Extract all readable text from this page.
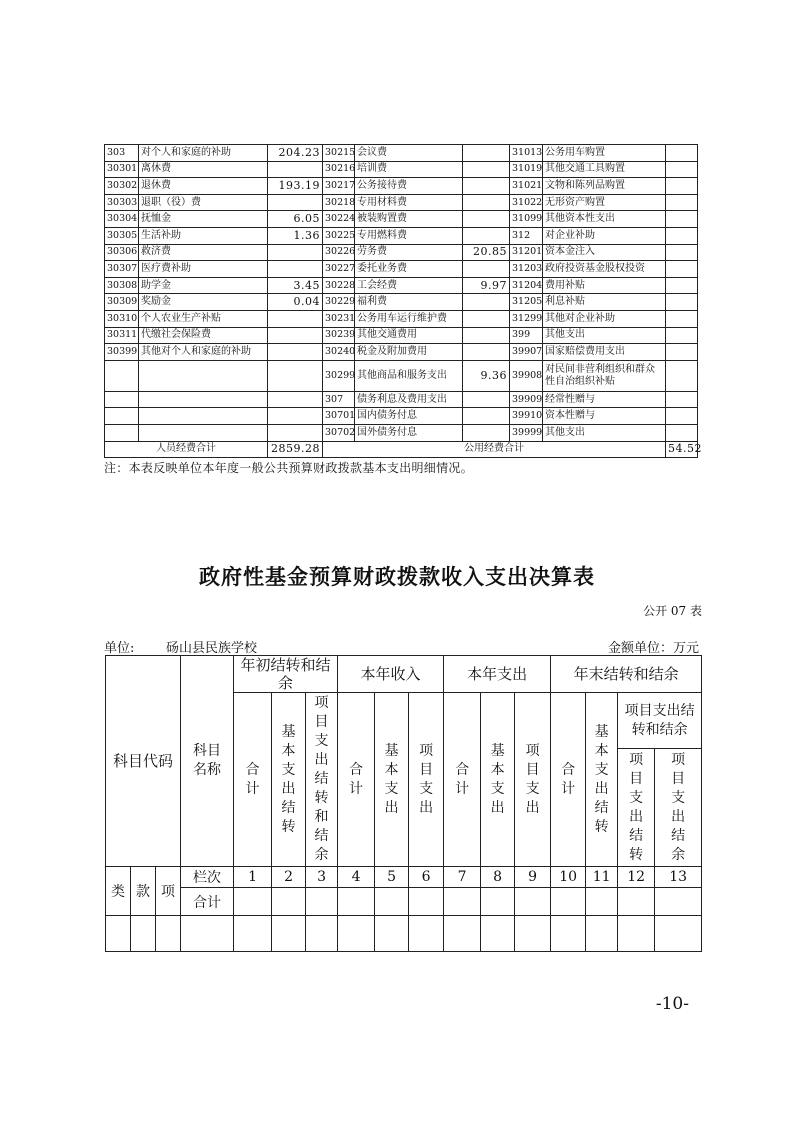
303	对个人和家庭的补助	204.23	30215	会议费		31013	公务用车购置	
30301	离休费		30216	培训费		31019	其他交通工具购置	
30302	退休费	193.19	30217	公务接待费		31021	文物和陈列品购置	
30303	退职（役）费		30218	专用材料费		31022	无形资产购置	
30304	抚恤金	6.05	30224	被装购置费		31099	其他资本性支出	
30305	生活补助	1.36	30225	专用燃料费		312	对企业补助	
30306	救济费		30226	劳务费	20.85	31201	资本金注入	
30307	医疗费补助		30227	委托业务费		31203	政府投资基金股权投资	
30308	助学金	3.45	30228	工会经费	9.97	31204	费用补贴	
30309	奖励金	0.04	30229	福利费		31205	利息补贴	
30310	个人农业生产补贴		30231	公务用车运行维护费		31299	其他对企业补助	
30311	代缴社会保险费		30239	其他交通费用		399	其他支出	
30399	其他对个人和家庭的补助		30240	税金及附加费用		39907	国家赔偿费用支出	
			30299	其他商品和服务支出	9.36	39908	对民间非营利组织和群众性自治组织补贴	
			307	债务利息及费用支出		39909	经常性赠与	
			30701	国内债务付息		39910	资本性赠与	
			30702	国外债务付息		39999	其他支出	
人员经费合计		2859.28	公用经费合计					54.52
注：本表反映单位本年度一般公共预算财政拨款基本支出明细情况。
政府性基金预算财政拨款收入支出决算表
公开 07 表
单位: 砀山县民族学校	金额单位：万元
科目代码			科目名称	年初结转和结余			本年收入			本年支出			年末结转和结余			
				合计	基本支出结转	项目支出结转和结余	合计	基本支出	项目支出	合计	基本支出	项目支出	合计	基本支出结转	项目支出结转和结余	
															项目支出结转	项目支出结余
类	款	项	栏次	1	2	3	4	5	6	7	8	9	10	11	12	13
			合计													

-10-
